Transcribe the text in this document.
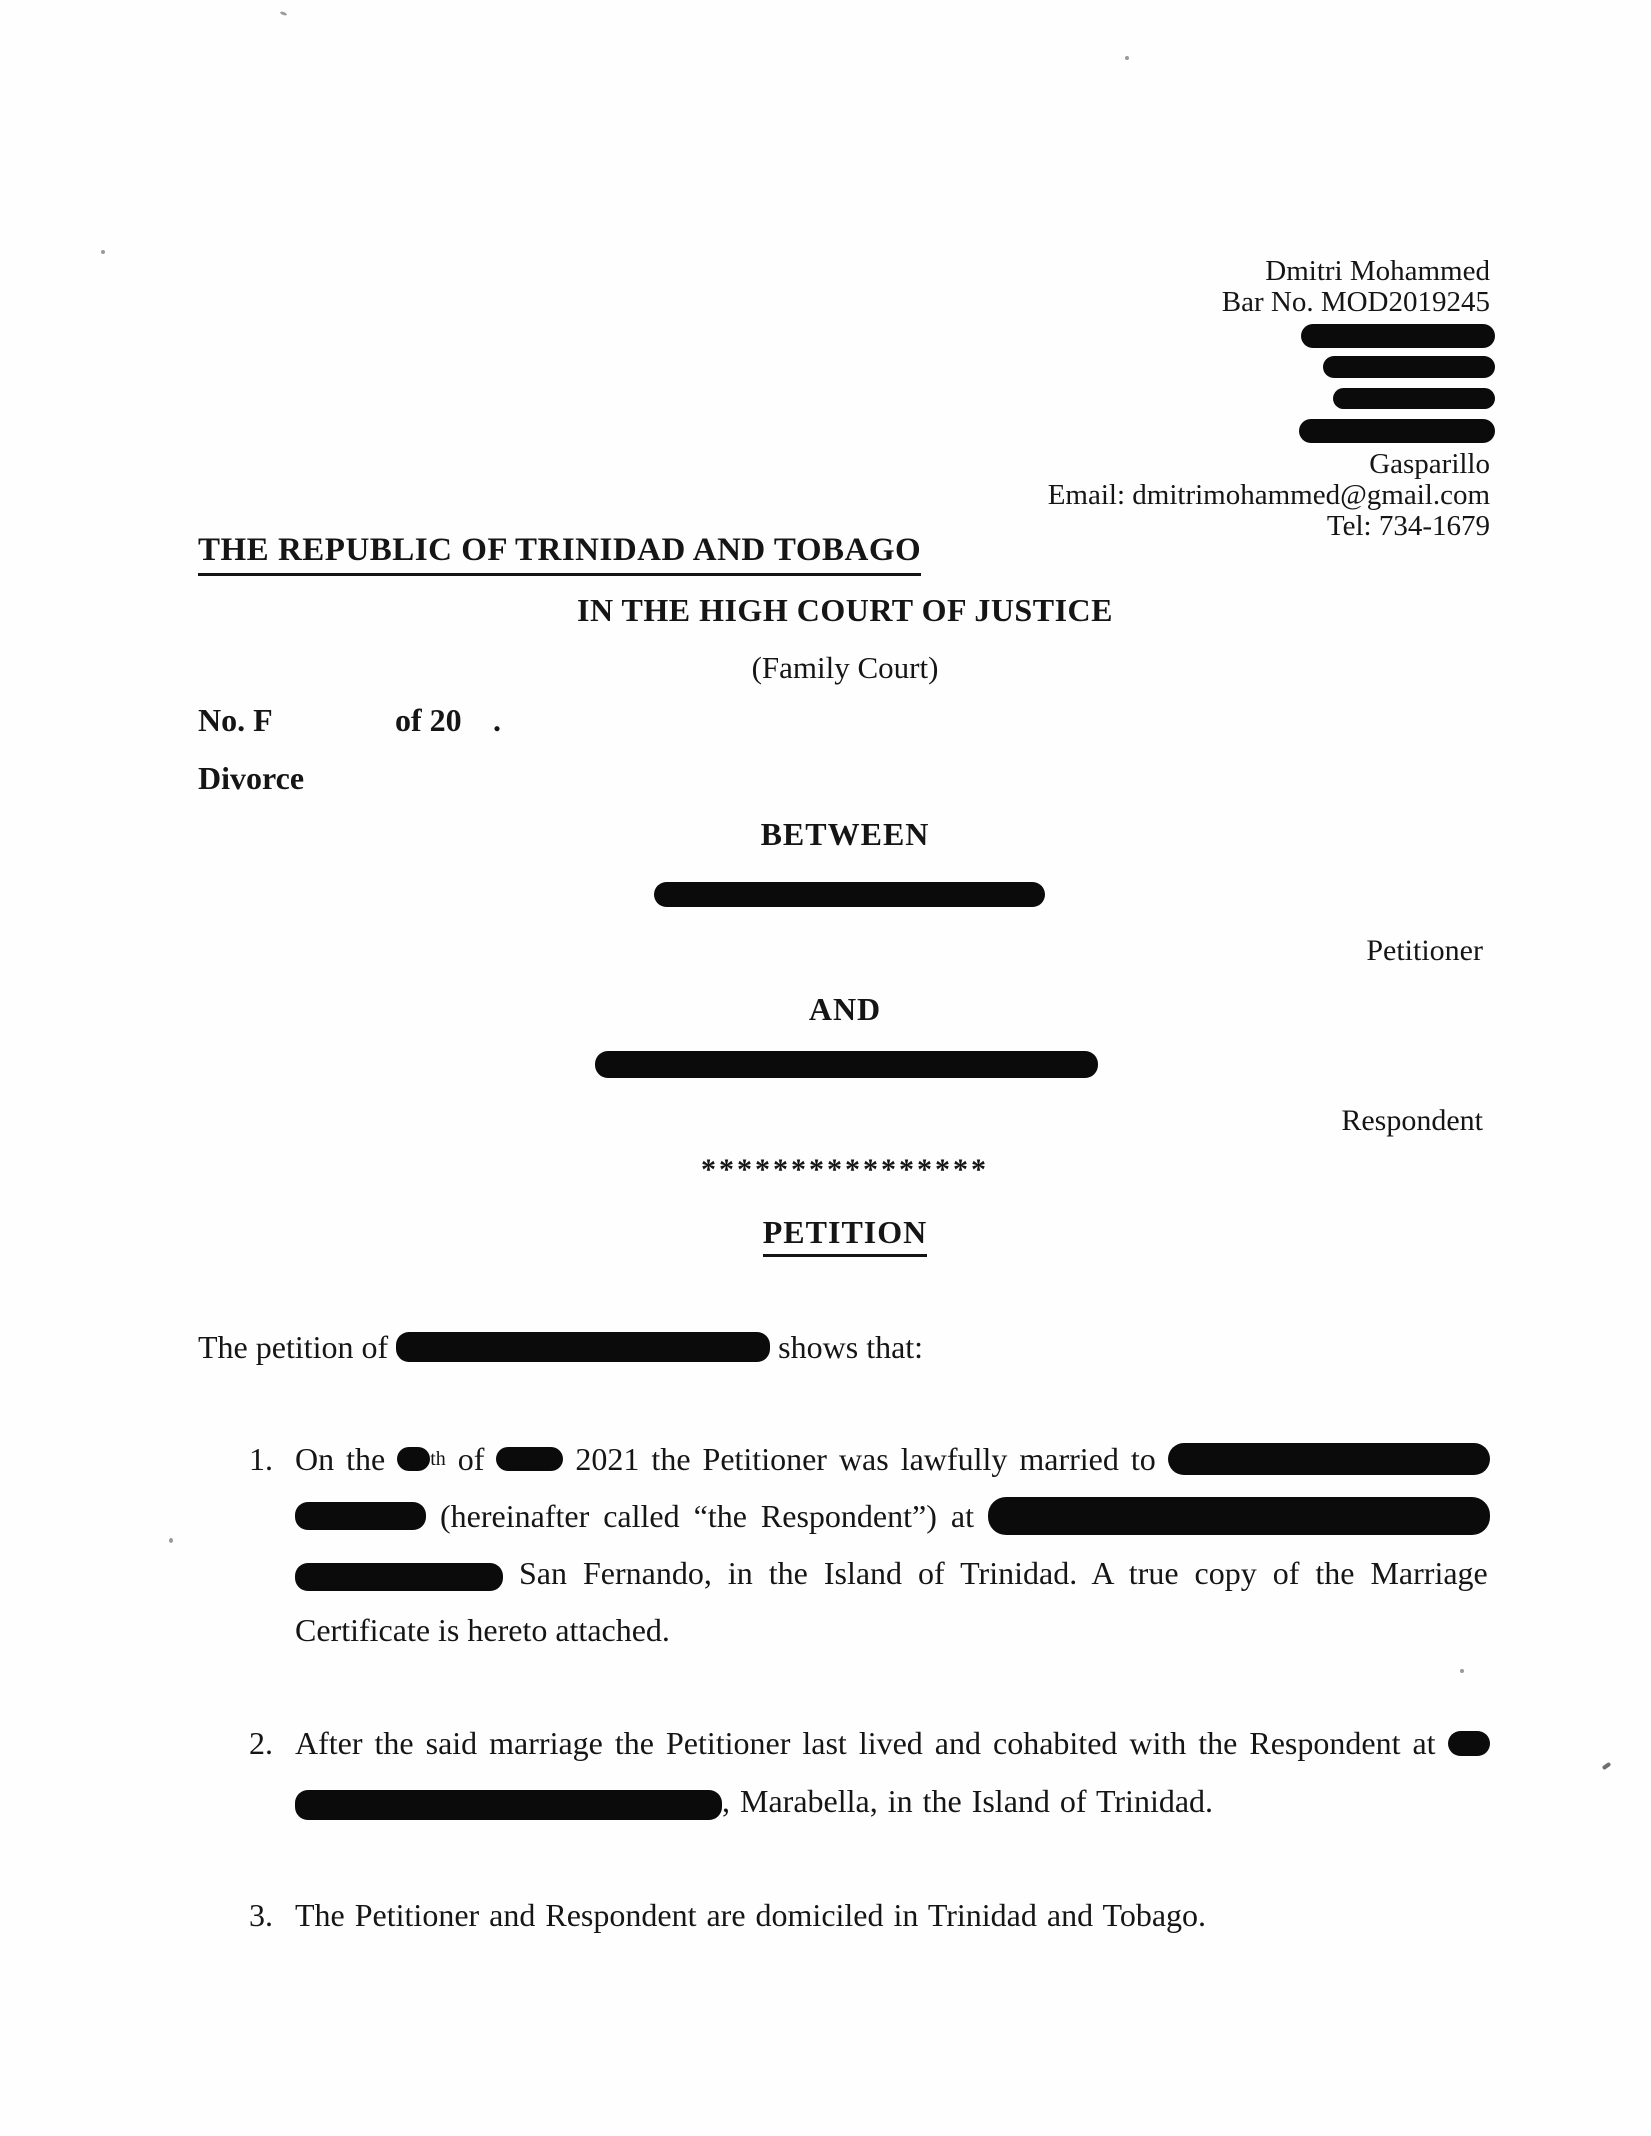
Dmitri Mohammed
Bar No. MOD2019245
Gasparillo
Email: dmitrimohammed@gmail.com
Tel: 734-1679
THE REPUBLIC OF TRINIDAD AND TOBAGO
IN THE HIGH COURT OF JUSTICE
(Family Court)
No. F	of 20 .
Divorce
BETWEEN
Petitioner
AND
Respondent
****************
PETITION
The petition of	shows that:
1. On the th of 2021 the Petitioner was lawfully married to
(hereinafter called “the Respondent”) at
San Fernando, in the Island of Trinidad. A true copy of the Marriage
Certificate is hereto attached.
2. After the said marriage the Petitioner last lived and cohabited with the Respondent at
, Marabella, in the Island of Trinidad.
3. The Petitioner and Respondent are domiciled in Trinidad and Tobago.
